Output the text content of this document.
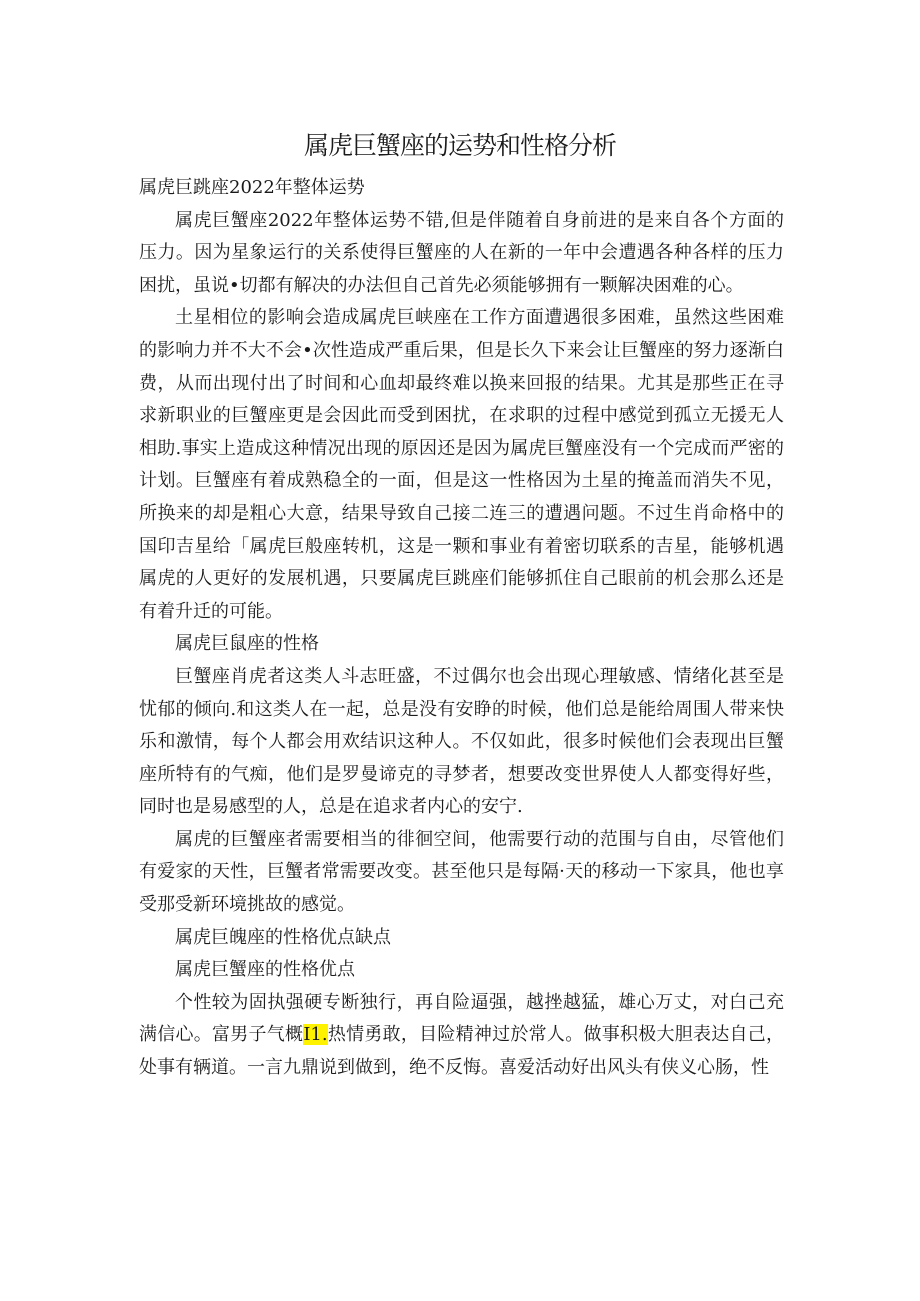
属虎巨蟹座的运势和性格分析

属虎巨跳座2022年整体运势

属虎巨蟹座2022年整体运势不错,但是伴随着自身前进的是来自各个方面的压力。因为星象运行的关系使得巨蟹座的人在新的一年中会遭遇各种各样的压力困扰，虽说•切都有解决的办法但自己首先必须能够拥有一颗解决困难的心。

土星相位的影响会造成属虎巨峡座在工作方面遭遇很多困难，虽然这些困难的影响力并不大不会•次性造成严重后果，但是长久下来会让巨蟹座的努力逐渐白费，从而出现付出了时间和心血却最终难以换来回报的结果。尤其是那些正在寻求新职业的巨蟹座更是会因此而受到困扰，在求职的过程中感觉到孤立无援无人相助.事实上造成这种情况出现的原因还是因为属虎巨蟹座没有一个完成而严密的计划。巨蟹座有着成熟稳全的一面，但是这一性格因为土星的掩盖而消失不见，所换来的却是粗心大意，结果导致自己接二连三的遭遇问题。不过生肖命格中的国印吉星给「属虎巨般座转机，这是一颗和事业有着密切联系的吉星，能够机遇属虎的人更好的发展机遇，只要属虎巨跳座们能够抓住自己眼前的机会那么还是有着升迁的可能。

属虎巨鼠座的性格

巨蟹座肖虎者这类人斗志旺盛，不过偶尔也会出现心理敏感、情绪化甚至是忧郁的倾向.和这类人在一起，总是没有安睁的时候，他们总是能给周围人带来快乐和激情，每个人都会用欢结识这种人。不仅如此，很多时候他们会表现出巨蟹座所特有的气痴，他们是罗曼谛克的寻梦者，想要改变世界使人人都变得好些，同时也是易感型的人，总是在追求者内心的安宁.

属虎的巨蟹座者需要相当的徘徊空间，他需要行动的范围与自由，尽管他们有爱家的天性，巨蟹者常需要改变。甚至他只是每隔·天的移动一下家具，他也享受那受新环境挑故的感觉。

属虎巨魄座的性格优点缺点

属虎巨蟹座的性格优点

个性较为固执强硬专断独行，再自险逼强，越挫越猛，雄心万丈，对白己充满信心。富男子气概I1.热情勇敢，目险精神过於常人。做事积极大胆表达自己，处事有辆道。一言九鼎说到做到，绝不反悔。喜爱活动好出风头有侠义心肠，性
